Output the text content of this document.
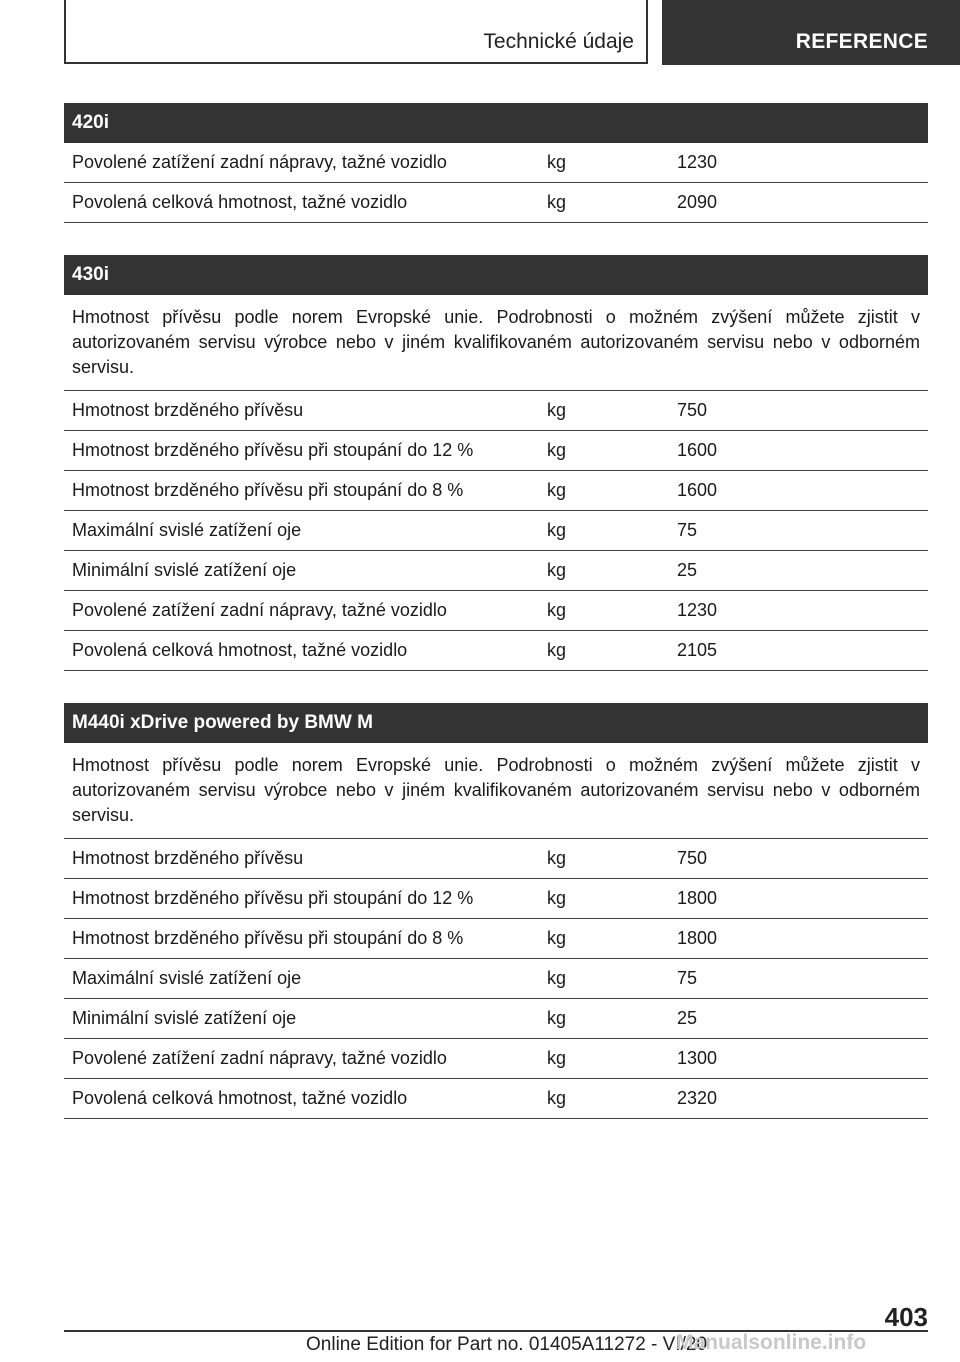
Technické údaje	REFERENCE
420i
Povolené zatížení zadní nápravy, tažné vozidlo	kg	1230
Povolená celková hmotnost, tažné vozidlo	kg	2090
430i
Hmotnost přívěsu podle norem Evropské unie. Podrobnosti o možném zvýšení můžete zjistit v autorizovaném servisu výrobce nebo v jiném kvalifikovaném autorizovaném servisu nebo v odborném servisu.
Hmotnost brzděného přívěsu	kg	750
Hmotnost brzděného přívěsu při stoupání do 12 %	kg	1600
Hmotnost brzděného přívěsu při stoupání do 8 %	kg	1600
Maximální svislé zatížení oje	kg	75
Minimální svislé zatížení oje	kg	25
Povolené zatížení zadní nápravy, tažné vozidlo	kg	1230
Povolená celková hmotnost, tažné vozidlo	kg	2105
M440i xDrive powered by BMW M
Hmotnost přívěsu podle norem Evropské unie. Podrobnosti o možném zvýšení můžete zjistit v autorizovaném servisu výrobce nebo v jiném kvalifikovaném autorizovaném servisu nebo v odborném servisu.
Hmotnost brzděného přívěsu	kg	750
Hmotnost brzděného přívěsu při stoupání do 12 %	kg	1800
Hmotnost brzděného přívěsu při stoupání do 8 %	kg	1800
Maximální svislé zatížení oje	kg	75
Minimální svislé zatížení oje	kg	25
Povolené zatížení zadní nápravy, tažné vozidlo	kg	1300
Povolená celková hmotnost, tažné vozidlo	kg	2320
403
Online Edition for Part no. 01405A11272 - VI/20
Manualsonline.info
